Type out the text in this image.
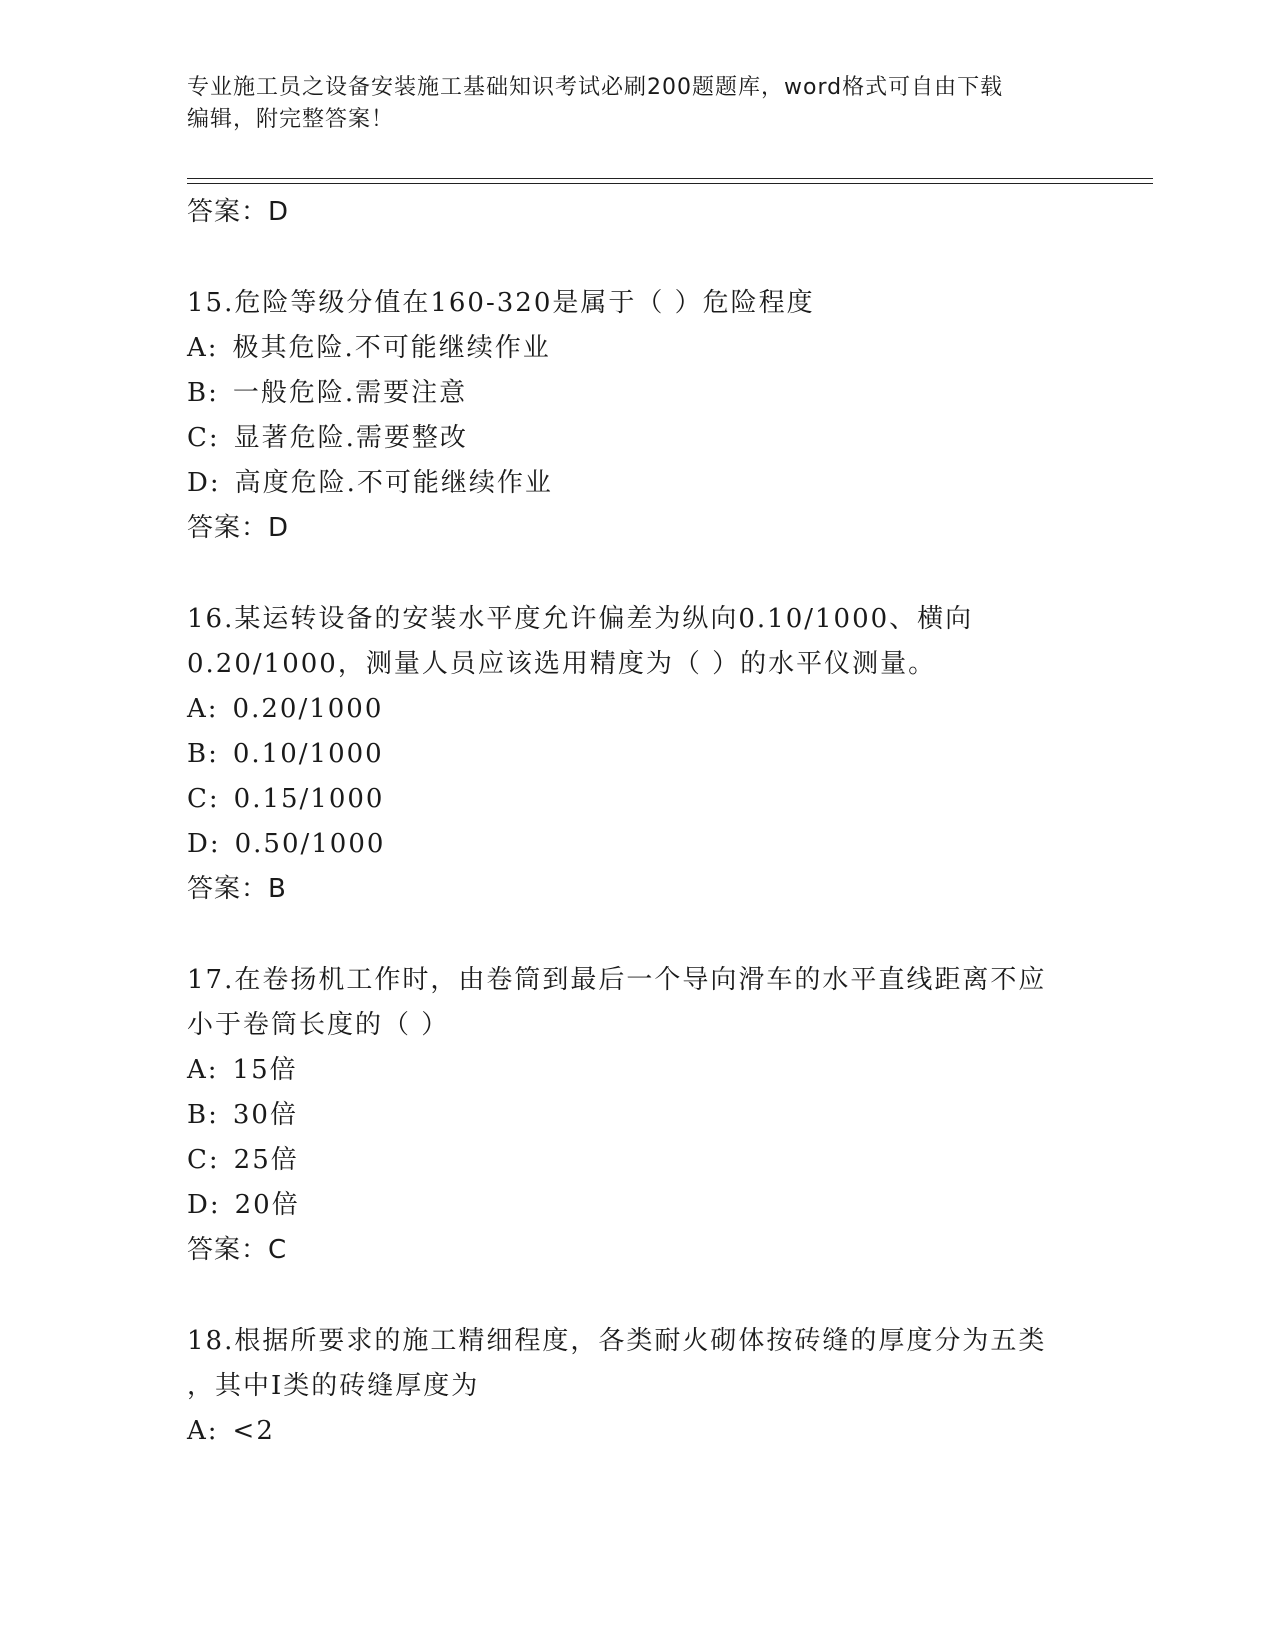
专业施工员之设备安装施工基础知识考试必刷200题题库，word格式可自由下载
编辑，附完整答案！
答案：D
15.危险等级分值在160-320是属于（ ）危险程度
A: 极其危险.不可能继续作业
B: 一般危险.需要注意
C: 显著危险.需要整改
D: 高度危险.不可能继续作业
答案：D
16.某运转设备的安装水平度允许偏差为纵向0.10/1000、横向
0.20/1000，测量人员应该选用精度为（ ）的水平仪测量。
A: 0.20/1000
B: 0.10/1000
C: 0.15/1000
D: 0.50/1000
答案：B
17.在卷扬机工作时，由卷筒到最后一个导向滑车的水平直线距离不应
小于卷筒长度的（ ）
A: 15倍
B: 30倍
C: 25倍
D: 20倍
答案：C
18.根据所要求的施工精细程度，各类耐火砌体按砖缝的厚度分为五类
，其中I类的砖缝厚度为
A: <2
